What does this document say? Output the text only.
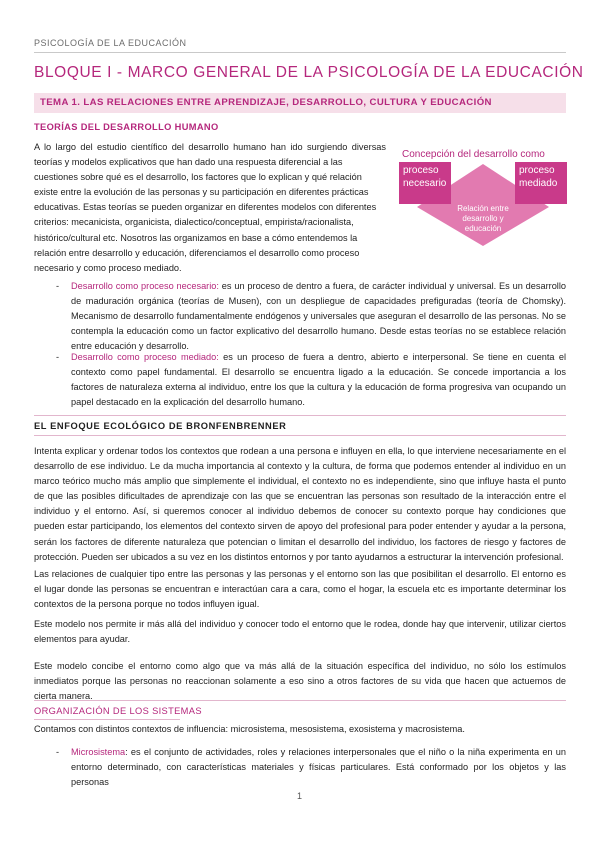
PSICOLOGÍA DE LA EDUCACIÓN
BLOQUE I - MARCO GENERAL DE LA PSICOLOGÍA DE LA EDUCACIÓN
TEMA 1. LAS RELACIONES ENTRE APRENDIZAJE, DESARROLLO, CULTURA Y EDUCACIÓN
TEORÍAS DEL DESARROLLO HUMANO
A lo largo del estudio científico del desarrollo humano han ido surgiendo diversas
teorías y modelos explicativos que han dado una respuesta diferencial a las
cuestiones sobre qué es el desarrollo, los factores que lo explican y qué relación
existe entre la evolución de las personas y su participación en diferentes prácticas
educativas. Estas teorías se pueden organizar en diferentes modelos con diferentes
criterios: mecanicista, organicista, dialectico/conceptual, empirista/racionalista,
histórico/cultural etc. Nosotros las organizamos en base a cómo entendemos la
relación entre desarrollo y educación, diferenciamos el desarrollo como proceso
necesario y como proceso mediado.
Concepción del desarrollo como
proceso necesario
proceso mediado
Relación entre desarrollo y educación
- Desarrollo como proceso necesario: es un proceso de dentro a fuera, de carácter individual y universal. Es un desarrollo de maduración orgánica (teorías de Musen), con un despliegue de capacidades prefiguradas (teoría de Chomsky). Mecanismo de desarrollo fundamentalmente endógenos y universales que aseguran el desarrollo de las personas. No se contempla la educación como un factor explicativo del desarrollo humano. Desde estas teorías no se establece relación entre educación y desarrollo.
- Desarrollo como proceso mediado: es un proceso de fuera a dentro, abierto e interpersonal. Se tiene en cuenta el contexto como papel fundamental. El desarrollo se encuentra ligado a la educación. Se concede importancia a los factores de naturaleza externa al individuo, entre los que la cultura y la educación de forma progresiva van ocupando un papel destacado en la explicación del desarrollo humano.
EL ENFOQUE ECOLÓGICO DE BRONFENBRENNER

Intenta explicar y ordenar todos los contextos que rodean a una persona e influyen en ella, lo que interviene necesariamente en el desarrollo de ese individuo. Le da mucha importancia al contexto y la cultura, de forma que podemos entender al individuo en un marco teórico mucho más amplio que simplemente el individual, el contexto no es independiente, sino que influye hasta el punto de que las posibles dificultades de aprendizaje con las que se encuentran las personas son resultado de la interacción entre el individuo y el entorno. Así, si queremos conocer al individuo debemos de conocer su contexto porque hay condiciones que pueden estar participando, los elementos del contexto sirven de apoyo del profesional para poder entender y ayudar a la persona, serán los factores de diferente naturaleza que potencian o limitan el desarrollo del individuo, los factores de riesgo y factores de protección. Pueden ser ubicados a su vez en los distintos entornos y por tanto ayudarnos a estructurar la intervención profesional.

Las relaciones de cualquier tipo entre las personas y las personas y el entorno son las que posibilitan el desarrollo. El entorno es el lugar donde las personas se encuentran e interactúan cara a cara, como el hogar, la escuela etc es importante determinar los contextos de la persona porque no todos influyen igual.

Este modelo nos permite ir más allá del individuo y conocer todo el entorno que le rodea, donde hay que intervenir, utilizar ciertos elementos para ayudar.

Este modelo concibe el entorno como algo que va más allá de la situación específica del individuo, no sólo los estímulos inmediatos porque las personas no reaccionan solamente a eso sino a otros factores de su vida que hacen que actuemos de cierta manera.

ORGANIZACIÓN DE LOS SISTEMAS

Contamos con distintos contextos de influencia: microsistema, mesosistema, exosistema y macrosistema.

- Microsistema: es el conjunto de actividades, roles y relaciones interpersonales que el niño o la niña experimenta en un entorno determinado, con características materiales y físicas particulares. Está conformado por los objetos y las personas
1
